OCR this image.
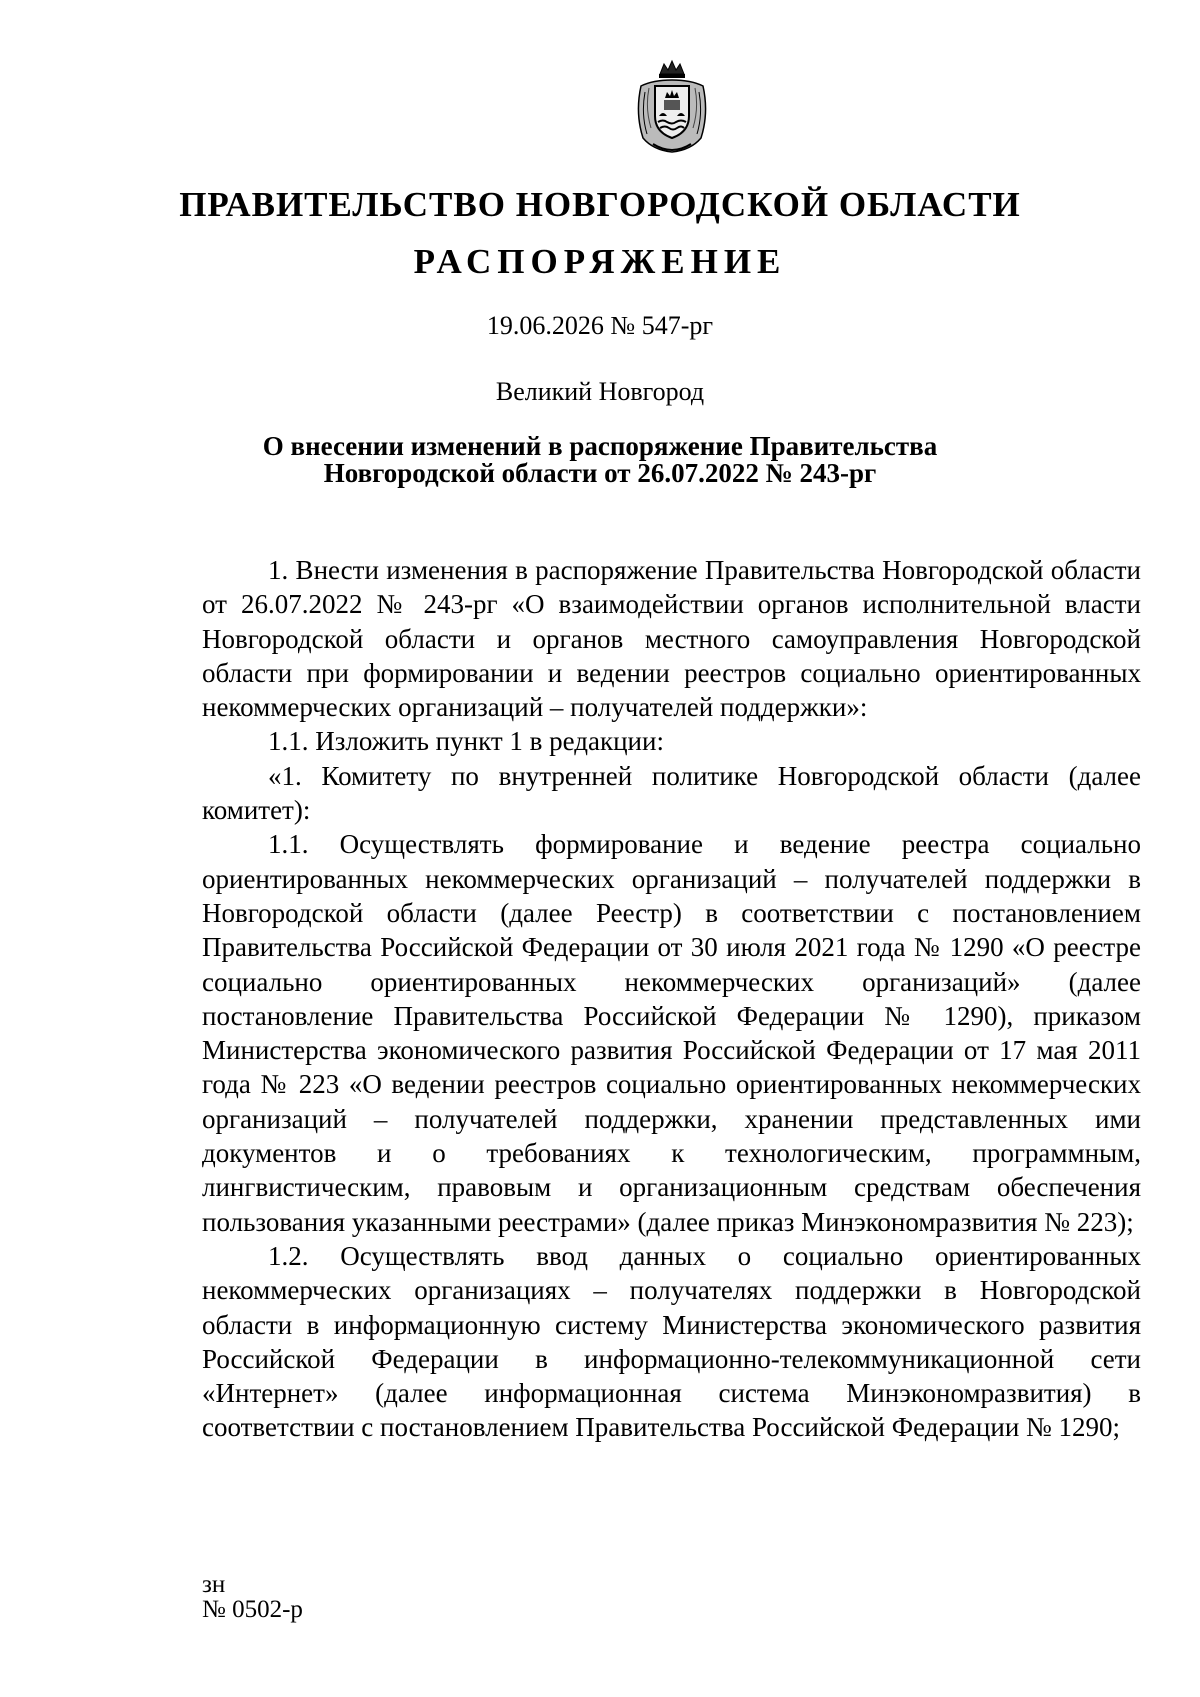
ПРАВИТЕЛЬСТВО НОВГОРОДСКОЙ ОБЛАСТИ
РАСПОРЯЖЕНИЕ
19.06.2026 № 547-рг
Великий Новгород
О внесении изменений в распоряжение Правительства
Новгородской области от 26.07.2022 № 243-рг

1. Внести изменения в распоряжение Правительства Новгородской области от 26.07.2022 № 243-рг «О взаимодействии органов исполнительной власти Новгородской области и органов местного самоуправления Новгородской области при формировании и ведении реестров социально ориентированных некоммерческих организаций – получателей поддержки»:

1.1. Изложить пункт 1 в редакции:

«1. Комитету по внутренней политике Новгородской области (далее комитет):

1.1. Осуществлять формирование и ведение реестра социально ориентированных некоммерческих организаций – получателей поддержки в Новгородской области (далее Реестр) в соответствии с постановлением Правительства Российской Федерации от 30 июля 2021 года № 1290 «О реестре социально ориентированных некоммерческих организаций» (далее постановление Правительства Российской Федерации № 1290), приказом Министерства экономического развития Российской Федерации от 17 мая 2011 года № 223 «О ведении реестров социально ориентированных некоммерческих организаций – получателей поддержки, хранении представленных ими документов и о требованиях к технологическим, программным, лингвистическим, правовым и организационным средствам обеспечения пользования указанными реестрами» (далее приказ Минэкономразвития № 223);

1.2. Осуществлять ввод данных о социально ориентированных некоммерческих организациях – получателях поддержки в Новгородской области в информационную систему Министерства экономического развития Российской Федерации в информационно-телекоммуникационной сети «Интернет» (далее информационная система Минэкономразвития) в соответствии с постановлением Правительства Российской Федерации № 1290;

зн
№ 0502-р
